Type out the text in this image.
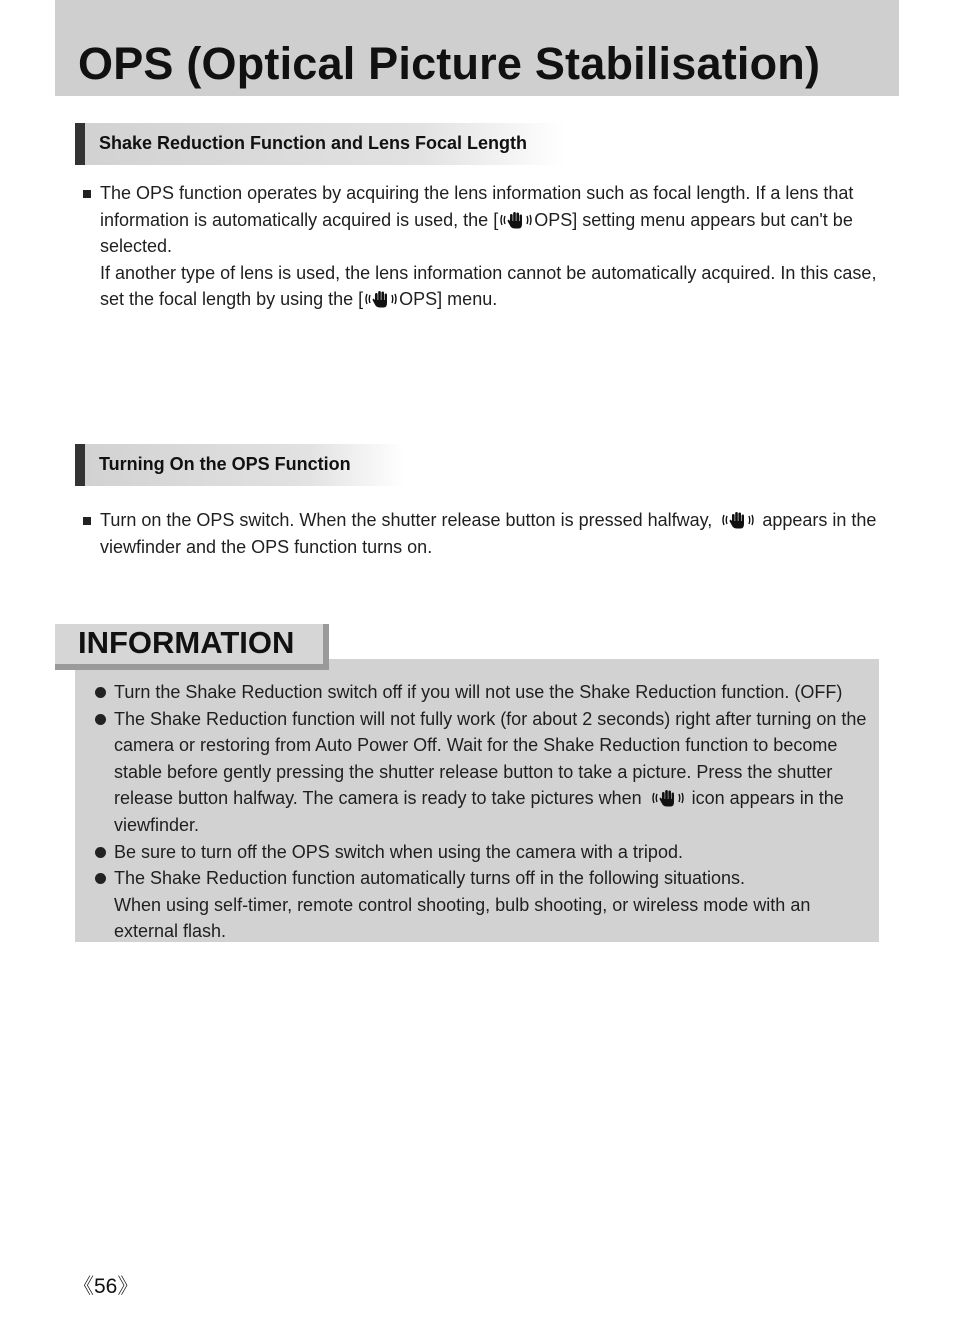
OPS (Optical Picture Stabilisation)
Shake Reduction Function and Lens Focal Length

The OPS function operates by acquiring the lens information such as focal length. If a lens that information is automatically acquired is used, the [ OPS] setting menu appears but can't be selected.

If another type of lens is used, the lens information cannot be automatically acquired. In this case, set the focal length by using the [ OPS] menu.

Turning On the OPS Function

Turn on the OPS switch. When the shutter release button is pressed halfway,	appears in the viewfinder and the OPS function turns on.

INFORMATION

Turn the Shake Reduction switch off if you will not use the Shake Reduction function. (OFF)

The Shake Reduction function will not fully work (for about 2 seconds) right after turning on the camera or restoring from Auto Power Off. Wait for the Shake Reduction function to become stable before gently pressing the shutter release button to take a picture. Press the shutter release button halfway. The camera is ready to take pictures when	icon appears in the viewfinder.

Be sure to turn off the OPS switch when using the camera with a tripod.

The Shake Reduction function automatically turns off in the following situations.
When using self-timer, remote control shooting, bulb shooting, or wireless mode with an external flash.

《56》
